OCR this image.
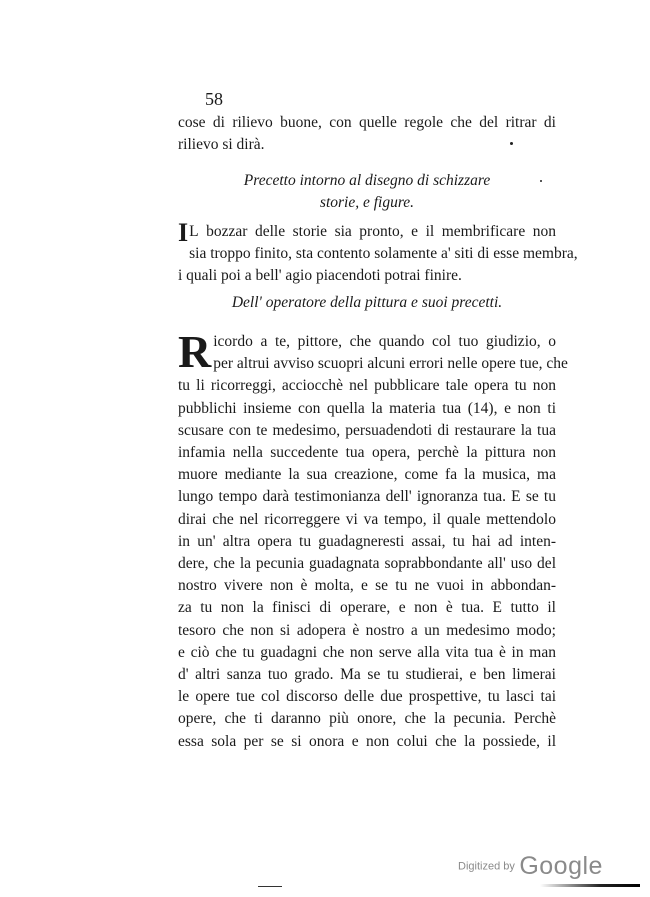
58
cose di rilievo buone, con quelle regole che del ritrar di
rilievo si dirà.
Precetto intorno al disegno di schizzare
storie, e figure.
I L bozzar delle storie sia pronto, e il membrificare non
sia troppo finito, sta contento solamente a' siti di esse membra,
i quali poi a bell' agio piacendoti potrai finire.
Dell' operatore della pittura e suoi precetti.
R icordo a te, pittore, che quando col tuo giudizio, o
per altrui avviso scuopri alcuni errori nelle opere tue, che
tu li ricorreggi, acciocchè nel pubblicare tale opera tu non
pubblichi insieme con quella la materia tua (14), e non ti
scusare con te medesimo, persuadendoti di restaurare la tua
infamia nella succedente tua opera, perchè la pittura non
muore mediante la sua creazione, come fa la musica, ma
lungo tempo darà testimonianza dell' ignoranza tua. E se tu
dirai che nel ricorreggere vi va tempo, il quale mettendolo
in un' altra opera tu guadagneresti assai, tu hai ad inten-
dere, che la pecunia guadagnata soprabbondante all' uso del
nostro vivere non è molta, e se tu ne vuoi in abbondan-
za tu non la finisci di operare, e non è tua. E tutto il
tesoro che non si adopera è nostro a un medesimo modo;
e ciò che tu guadagni che non serve alla vita tua è in man
d' altri sanza tuo grado. Ma se tu studierai, e ben limerai
le opere tue col discorso delle due prospettive, tu lasci tai
opere, che ti daranno più onore, che la pecunia. Perchè
essa sola per se si onora e non colui che la possiede, il
Digitized by Google
